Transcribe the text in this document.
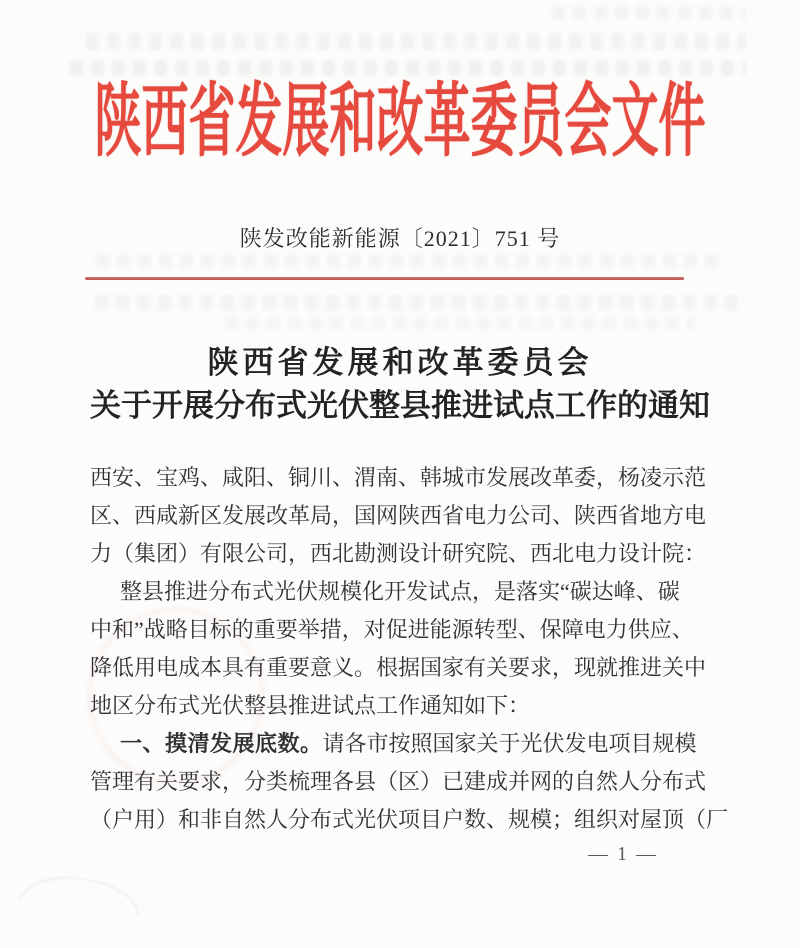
陕西省发展和改革委员会文件
陕发改能新能源〔2021〕751 号
陕西省发展和改革委员会
关于开展分布式光伏整县推进试点工作的通知
西安、宝鸡、咸阳、铜川、渭南、韩城市发展改革委，杨凌示范
区、西咸新区发展改革局，国网陕西省电力公司、陕西省地方电
力（集团）有限公司，西北勘测设计研究院、西北电力设计院：
整县推进分布式光伏规模化开发试点，是落实“碳达峰、碳
中和”战略目标的重要举措，对促进能源转型、保障电力供应、
降低用电成本具有重要意义。根据国家有关要求，现就推进关中
地区分布式光伏整县推进试点工作通知如下：
一、摸清发展底数。请各市按照国家关于光伏发电项目规模
管理有关要求，分类梳理各县（区）已建成并网的自然人分布式
（户用）和非自然人分布式光伏项目户数、规模；组织对屋顶（厂
— 1 —
